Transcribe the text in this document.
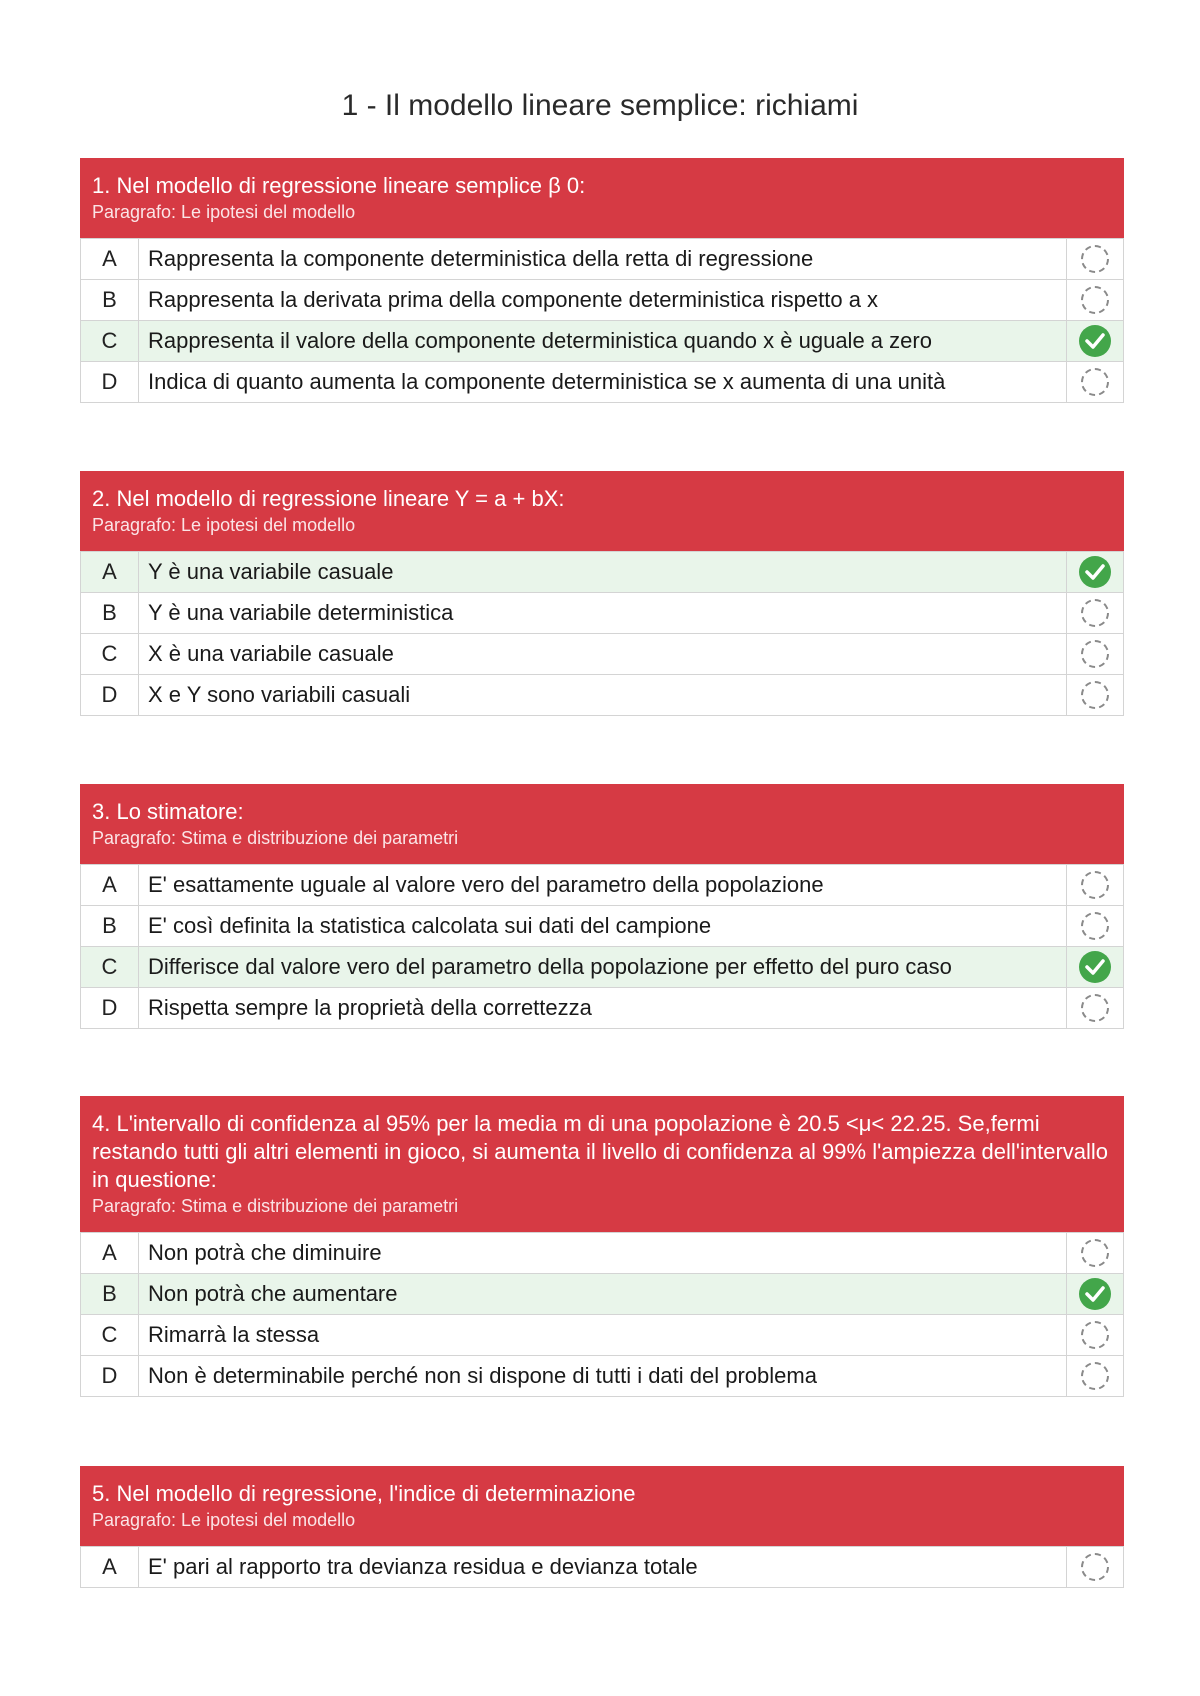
1 - Il modello lineare semplice: richiami
1. Nel modello di regressione lineare semplice β 0:
Paragrafo: Le ipotesi del modello
A	Rappresenta la componente deterministica della retta di regressione	
B	Rappresenta la derivata prima della componente deterministica rispetto a x	
C	Rappresenta il valore della componente deterministica quando x è uguale a zero	

D	Indica di quanto aumenta la componente deterministica se x aumenta di una unità	
2. Nel modello di regressione lineare Y = a + bX:
Paragrafo: Le ipotesi del modello
A	Y è una variabile casuale	

B	Y è una variabile deterministica	
C	X è una variabile casuale	
D	X e Y sono variabili casuali	
3. Lo stimatore:
Paragrafo: Stima e distribuzione dei parametri
A	E' esattamente uguale al valore vero del parametro della popolazione	
B	E' così definita la statistica calcolata sui dati del campione	
C	Differisce dal valore vero del parametro della popolazione per effetto del puro caso	

D	Rispetta sempre la proprietà della correttezza	
4. L'intervallo di confidenza al 95% per la media m di una popolazione è 20.5 <μ< 22.25. Se,fermi restando tutti gli altri elementi in gioco, si aumenta il livello di confidenza al 99% l'ampiezza dell'intervallo in questione:
Paragrafo: Stima e distribuzione dei parametri
A	Non potrà che diminuire	
B	Non potrà che aumentare	

C	Rimarrà la stessa	
D	Non è determinabile perché non si dispone di tutti i dati del problema	
5. Nel modello di regressione, l'indice di determinazione
Paragrafo: Le ipotesi del modello
A	E' pari al rapporto tra devianza residua e devianza totale	
